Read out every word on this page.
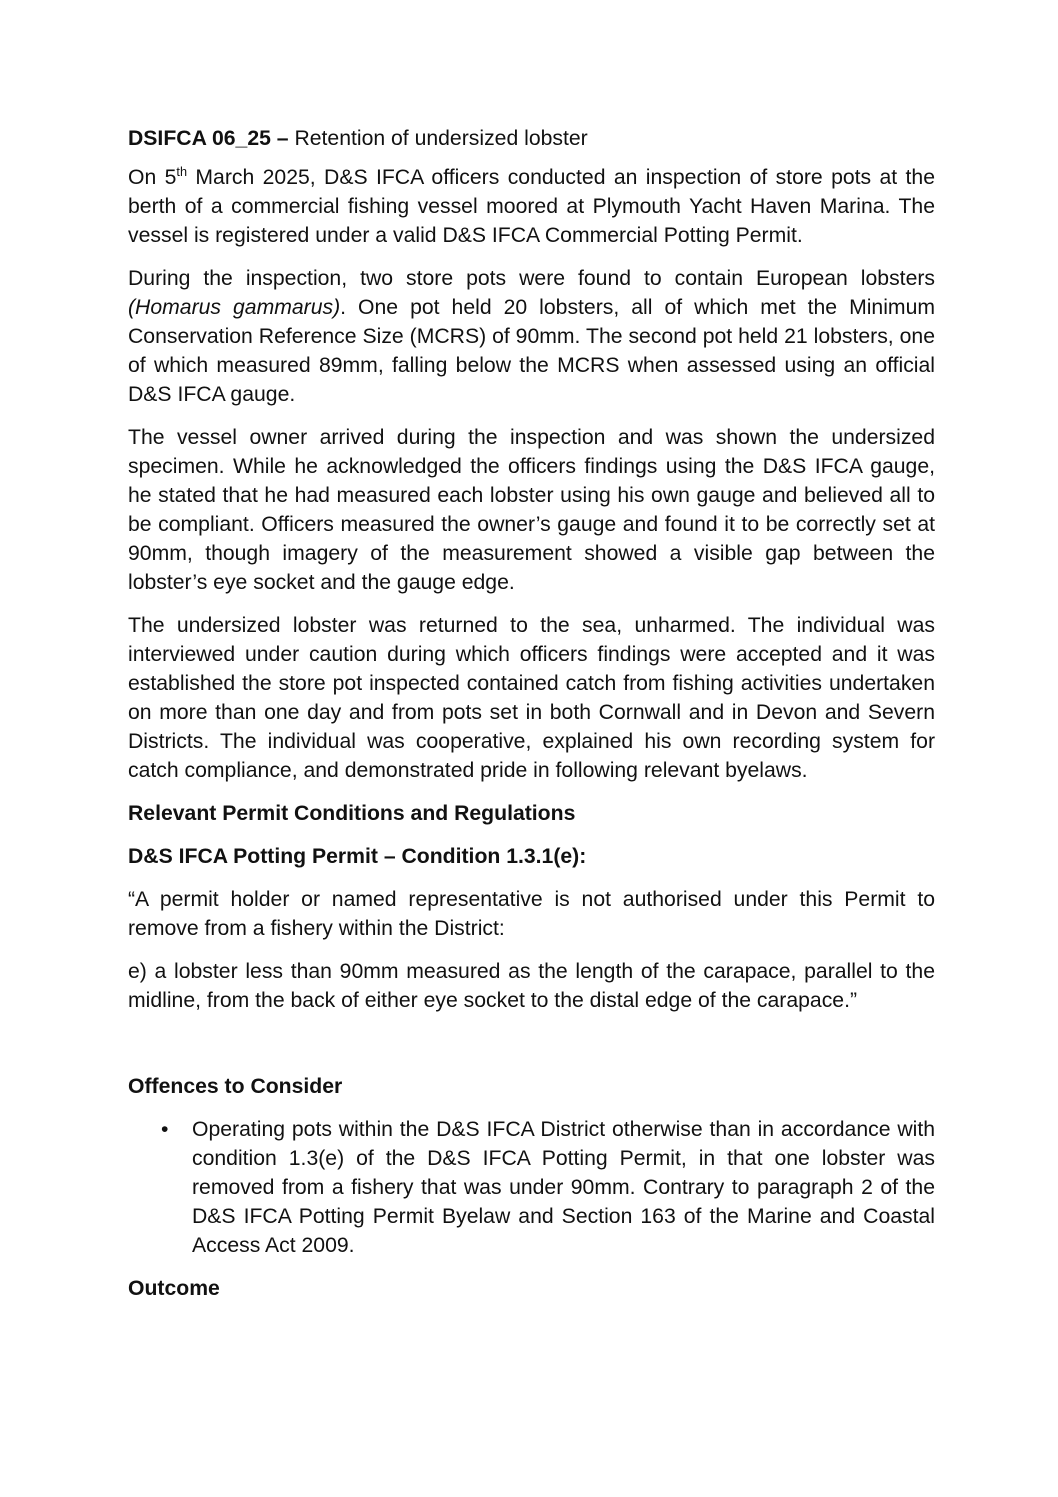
DSIFCA 06_25 – Retention of undersized lobster

On 5th March 2025, D&S IFCA officers conducted an inspection of store pots at the berth of a commercial fishing vessel moored at Plymouth Yacht Haven Marina. The vessel is registered under a valid D&S IFCA Commercial Potting Permit.

During the inspection, two store pots were found to contain European lobsters (Homarus gammarus). One pot held 20 lobsters, all of which met the Minimum Conservation Reference Size (MCRS) of 90mm. The second pot held 21 lobsters, one of which measured 89mm, falling below the MCRS when assessed using an official D&S IFCA gauge.

The vessel owner arrived during the inspection and was shown the undersized specimen. While he acknowledged the officers findings using the D&S IFCA gauge, he stated that he had measured each lobster using his own gauge and believed all to be compliant. Officers measured the owner’s gauge and found it to be correctly set at 90mm, though imagery of the measurement showed a visible gap between the lobster’s eye socket and the gauge edge.

The undersized lobster was returned to the sea, unharmed. The individual was interviewed under caution during which officers findings were accepted and it was established the store pot inspected contained catch from fishing activities undertaken on more than one day and from pots set in both Cornwall and in Devon and Severn Districts. The individual was cooperative, explained his own recording system for catch compliance, and demonstrated pride in following relevant byelaws.

Relevant Permit Conditions and Regulations

D&S IFCA Potting Permit – Condition 1.3.1(e):

“A permit holder or named representative is not authorised under this Permit to remove from a fishery within the District:

e) a lobster less than 90mm measured as the length of the carapace, parallel to the midline, from the back of either eye socket to the distal edge of the carapace.”

Offences to Consider

• Operating pots within the D&S IFCA District otherwise than in accordance with condition 1.3(e) of the D&S IFCA Potting Permit, in that one lobster was removed from a fishery that was under 90mm. Contrary to paragraph 2 of the D&S IFCA Potting Permit Byelaw and Section 163 of the Marine and Coastal Access Act 2009.

Outcome
